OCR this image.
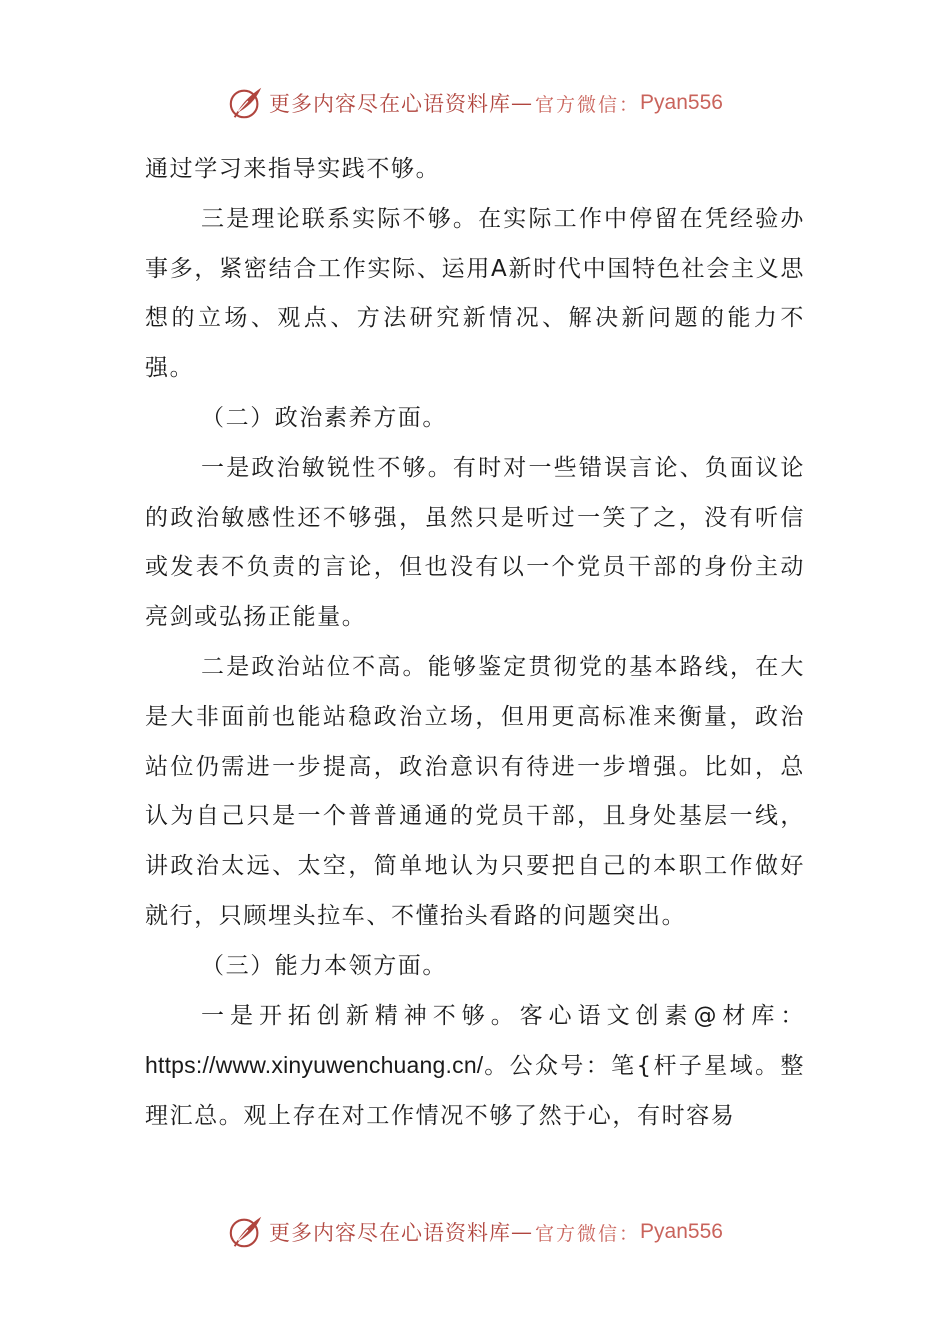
更多内容尽在心语资料库 — 官方微信： Pyan556

通过学习来指导实践不够。

三是理论联系实际不够。在实际工作中停留在凭经验办事多，紧密结合工作实际、运用A新时代中国特色社会主义思想的立场、观点、方法研究新情况、解决新问题的能力不强。

（二）政治素养方面。

一是政治敏锐性不够。有时对一些错误言论、负面议论的政治敏感性还不够强，虽然只是听过一笑了之，没有听信或发表不负责的言论，但也没有以一个党员干部的身份主动亮剑或弘扬正能量。

二是政治站位不高。能够鉴定贯彻党的基本路线，在大是大非面前也能站稳政治立场，但用更高标准来衡量，政治站位仍需进一步提高，政治意识有待进一步增强。比如，总认为自己只是一个普普通通的党员干部，且身处基层一线，讲政治太远、太空，简单地认为只要把自己的本职工作做好就行，只顾埋头拉车、不懂抬头看路的问题突出。

（三）能力本领方面。

一是开拓创新精神不够。客心语文创素@材库：https://www.xinyuwenchuang.cn/。公众号：笔{杆子星域。整理汇总。观上存在对工作情况不够了然于心，有时容易

更多内容尽在心语资料库 — 官方微信： Pyan556
